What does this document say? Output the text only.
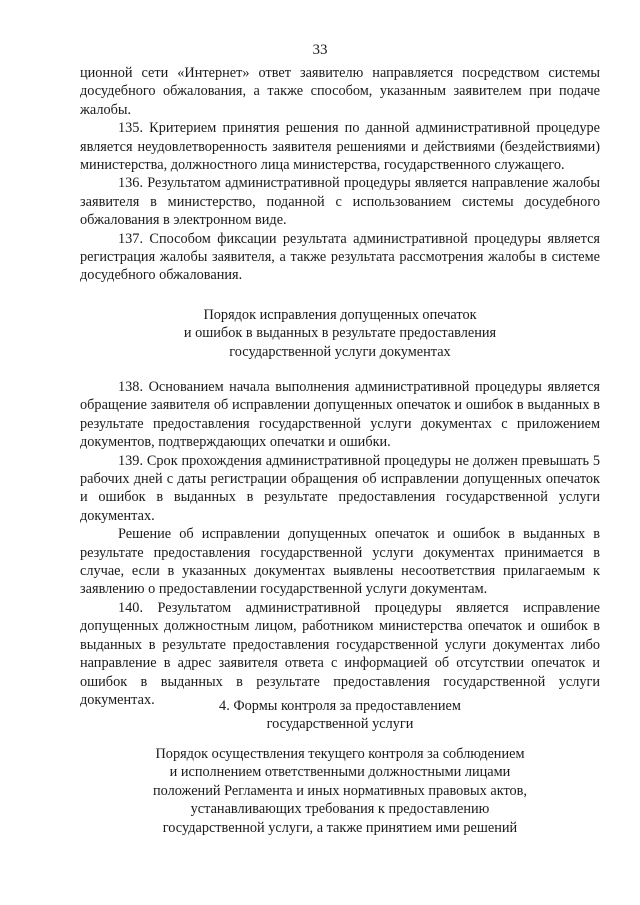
33

ционной сети «Интернет» ответ заявителю направляется посредством системы досудебного обжалования, а также способом, указанным заявителем при подаче жалобы.

135. Критерием принятия решения по данной административной процедуре является неудовлетворенность заявителя решениями и действиями (бездействиями) министерства, должностного лица министерства, государственного служащего.

136. Результатом административной процедуры является направление жалобы заявителя в министерство, поданной с использованием системы досудебного обжалования в электронном виде.

137. Способом фиксации результата административной процедуры является регистрация жалобы заявителя, а также результата рассмотрения жалобы в системе досудебного обжалования.

Порядок исправления допущенных опечаток

и ошибок в выданных в результате предоставления

государственной услуги документах

138. Основанием начала выполнения административной процедуры является обращение заявителя об исправлении допущенных опечаток и ошибок в выданных в результате предоставления государственной услуги документах с приложением документов, подтверждающих опечатки и ошибки.

139. Срок прохождения административной процедуры не должен превышать 5 рабочих дней с даты регистрации обращения об исправлении допущенных опечаток и ошибок в выданных в результате предоставления государственной услуги документах.

Решение об исправлении допущенных опечаток и ошибок в выданных в результате предоставления государственной услуги документах принимается в случае, если в указанных документах выявлены несоответствия прилагаемым к заявлению о предоставлении государственной услуги документам.

140. Результатом административной процедуры является исправление допущенных должностным лицом, работником министерства опечаток и ошибок в выданных в результате предоставления государственной услуги документах либо направление в адрес заявителя ответа с информацией об отсутствии опечаток и ошибок в выданных в результате предоставления государственной услуги документах.	4. Формы контроля за предоставлением

государственной услуги

Порядок осуществления текущего контроля за соблюдением

и исполнением ответственными должностными лицами

положений Регламента и иных нормативных правовых актов,

устанавливающих требования к предоставлению

государственной услуги, а также принятием ими решений
